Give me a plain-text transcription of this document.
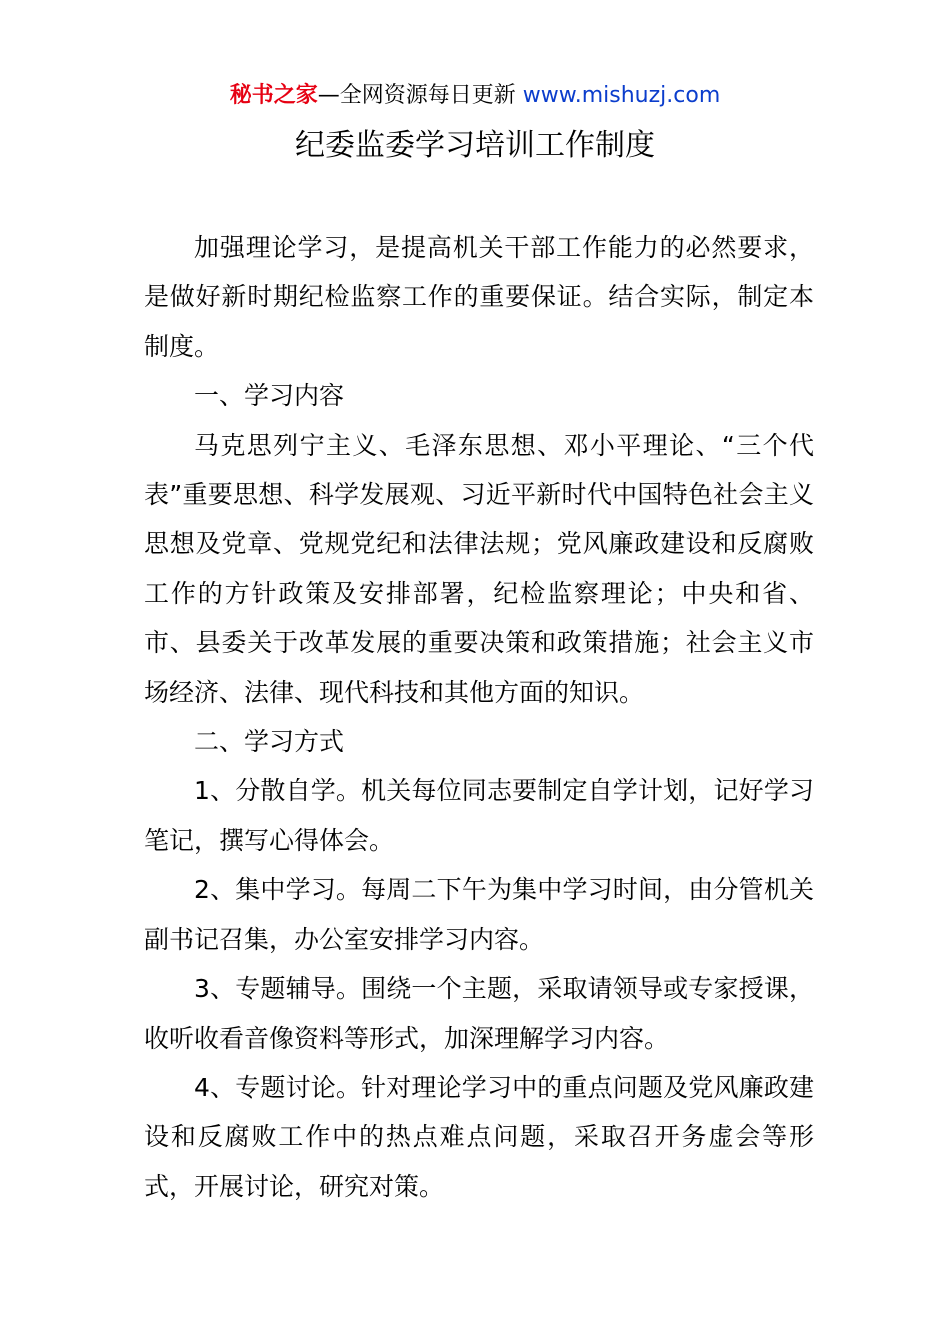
秘书之家—全网资源每日更新 www.mishuzj.com
纪委监委学习培训工作制度

加强理论学习，是提高机关干部工作能力的必然要求，是做好新时期纪检监察工作的重要保证。结合实际，制定本制度。

一、学习内容

马克思列宁主义、毛泽东思想、邓小平理论、“三个代表”重要思想、科学发展观、习近平新时代中国特色社会主义思想及党章、党规党纪和法律法规；党风廉政建设和反腐败工作的方针政策及安排部署，纪检监察理论；中央和省、市、县委关于改革发展的重要决策和政策措施；社会主义市场经济、法律、现代科技和其他方面的知识。

二、学习方式

1、分散自学。机关每位同志要制定自学计划，记好学习笔记，撰写心得体会。

2、集中学习。每周二下午为集中学习时间，由分管机关副书记召集，办公室安排学习内容。

3、专题辅导。围绕一个主题，采取请领导或专家授课，收听收看音像资料等形式，加深理解学习内容。

4、专题讨论。针对理论学习中的重点问题及党风廉政建设和反腐败工作中的热点难点问题，采取召开务虚会等形式，开展讨论，研究对策。
